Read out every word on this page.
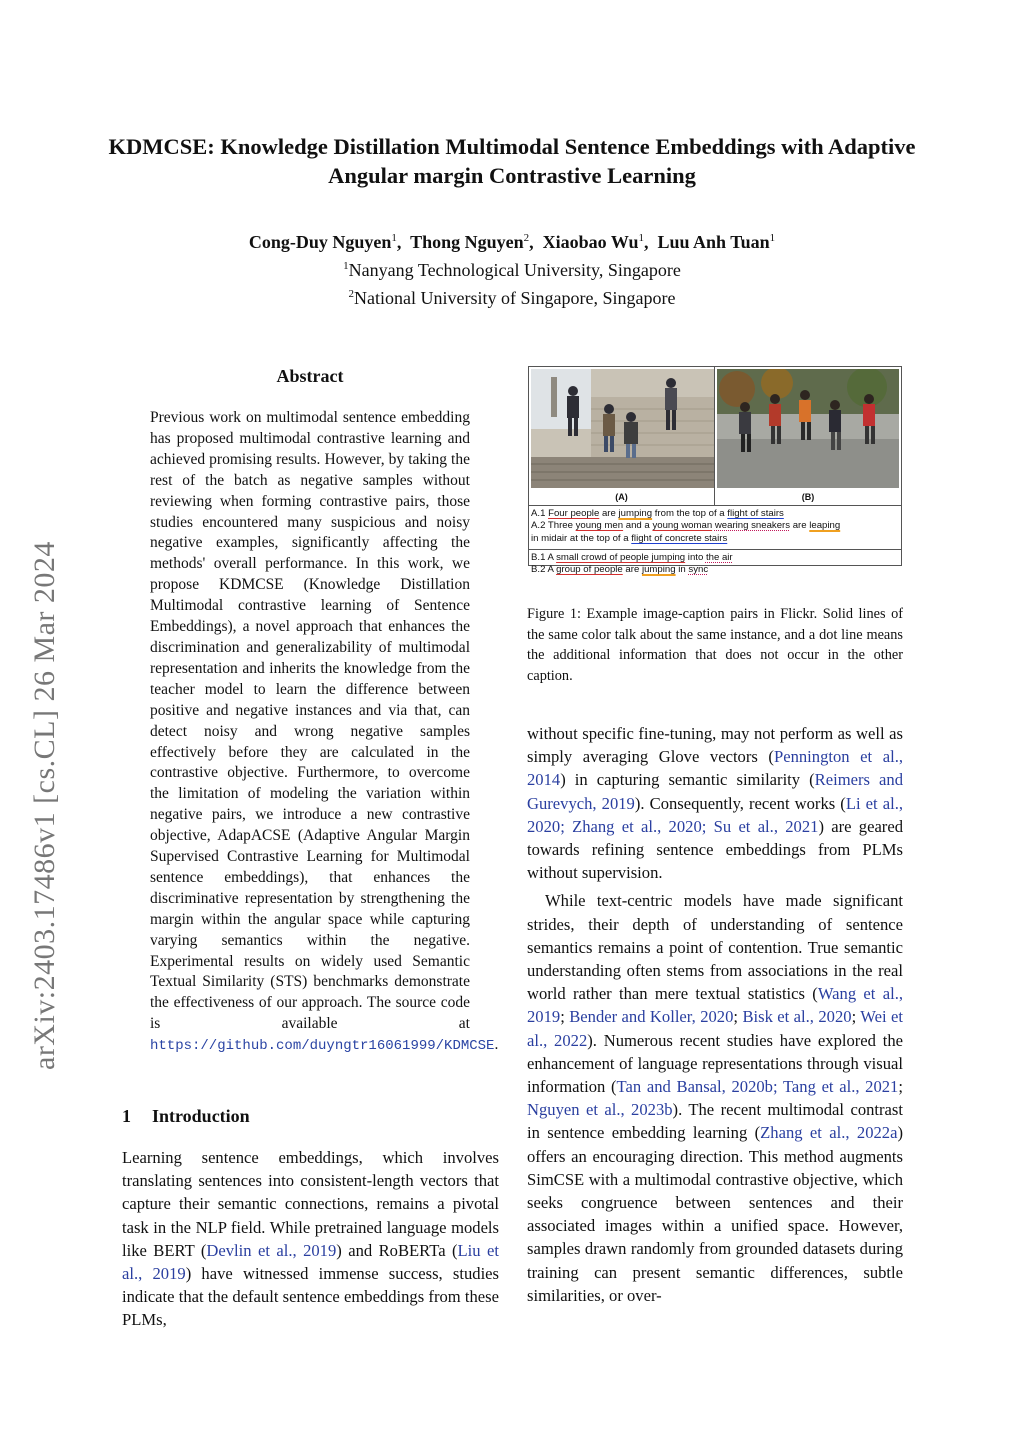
arXiv:2403.17486v1 [cs.CL] 26 Mar 2024
KDMCSE: Knowledge Distillation Multimodal Sentence Embeddings with Adaptive Angular margin Contrastive Learning
Cong-Duy Nguyen$^1$,  Thong Nguyen$^2$,  Xiaobao Wu$^1$,  Luu Anh Tuan$^1$
$^1$Nanyang Technological University, Singapore
$^2$National University of Singapore, Singapore
Abstract
Previous work on multimodal sentence embedding has proposed multimodal contrastive learning and achieved promising results. However, by taking the rest of the batch as negative samples without reviewing when forming contrastive pairs, those studies encountered many suspicious and noisy negative examples, significantly affecting the methods' overall performance. In this work, we propose KDMCSE (Knowledge Distillation Multimodal contrastive learning of Sentence Embeddings), a novel approach that enhances the discrimination and generalizability of multimodal representation and inherits the knowledge from the teacher model to learn the difference between positive and negative instances and via that, can detect noisy and wrong negative samples effectively before they are calculated in the contrastive objective. Furthermore, to overcome the limitation of modeling the variation within negative pairs, we introduce a new contrastive objective, AdapACSE (Adaptive Angular Margin Supervised Contrastive Learning for Multimodal sentence embeddings), that enhances the discriminative representation by strengthening the margin within the angular space while capturing varying semantics within the negative. Experimental results on widely used Semantic Textual Similarity (STS) benchmarks demonstrate the effectiveness of our approach. The source code is available at https://github.com/duyngtr16061999/KDMCSE.
1 Introduction
Learning sentence embeddings, which involves translating sentences into consistent-length vectors that capture their semantic connections, remains a pivotal task in the NLP field. While pretrained language models like BERT (Devlin et al., 2019) and RoBERTa (Liu et al., 2019) have witnessed immense success, studies indicate that the default sentence embeddings from these PLMs,
(A)	(B)
A.1 Four people are jumping from the top of a flight of stairs
A.2 Three young men and a young woman wearing sneakers are leaping
in midair at the top of a flight of concrete stairs
B.1 A small crowd of people jumping into the air
B.2 A group of people are jumping in sync
Figure 1: Example image-caption pairs in Flickr. Solid lines of the same color talk about the same instance, and a dot line means the additional information that does not occur in the other caption.

without specific fine-tuning, may not perform as well as simply averaging Glove vectors (Pennington et al., 2014) in capturing semantic similarity (Reimers and Gurevych, 2019). Consequently, recent works (Li et al., 2020; Zhang et al., 2020; Su et al., 2021) are geared towards refining sentence embeddings from PLMs without supervision.

While text-centric models have made significant strides, their depth of understanding of sentence semantics remains a point of contention. True semantic understanding often stems from associations in the real world rather than mere textual statistics (Wang et al., 2019; Bender and Koller, 2020; Bisk et al., 2020; Wei et al., 2022). Numerous recent studies have explored the enhancement of language representations through visual information (Tan and Bansal, 2020b; Tang et al., 2021; Nguyen et al., 2023b). The recent multimodal contrast in sentence embedding learning (Zhang et al., 2022a) offers an encouraging direction. This method augments SimCSE with a multimodal contrastive objective, which seeks congruence between sentences and their associated images within a unified space. However, samples drawn randomly from grounded datasets during training can present semantic differences, subtle similarities, or over-
